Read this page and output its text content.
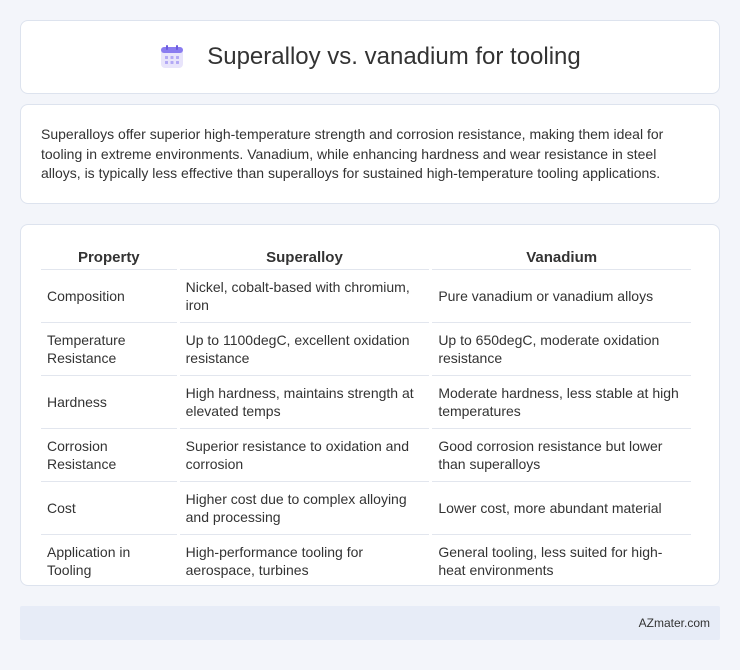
Superalloy vs. vanadium for tooling

Superalloys offer superior high-temperature strength and corrosion resistance, making them ideal for tooling in extreme environments. Vanadium, while enhancing hardness and wear resistance in steel alloys, is typically less effective than superalloys for sustained high-temperature tooling applications.

Property	Superalloy	Vanadium
Composition	Nickel, cobalt-based with chromium, iron	Pure vanadium or vanadium alloys
Temperature Resistance	Up to 1100degC, excellent oxidation resistance	Up to 650degC, moderate oxidation resistance
Hardness	High hardness, maintains strength at elevated temps	Moderate hardness, less stable at high temperatures
Corrosion Resistance	Superior resistance to oxidation and corrosion	Good corrosion resistance but lower than superalloys
Cost	Higher cost due to complex alloying and processing	Lower cost, more abundant material
Application in Tooling	High-performance tooling for aerospace, turbines	General tooling, less suited for high-heat environments
AZmater.com
